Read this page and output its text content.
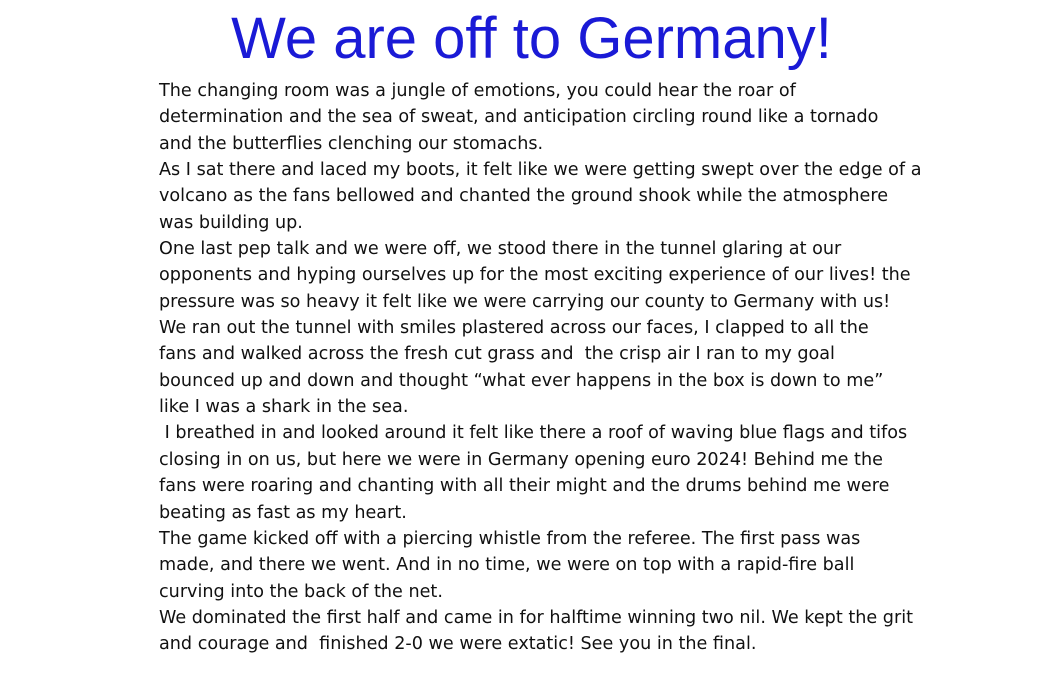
We are off to Germany!
The changing room was a jungle of emotions, you could hear the roar of
determination and the sea of sweat, and anticipation circling round like a tornado
and the butterflies clenching our stomachs.
As I sat there and laced my boots, it felt like we were getting swept over the edge of a
volcano as the fans bellowed and chanted the ground shook while the atmosphere
was building up.
One last pep talk and we were off, we stood there in the tunnel glaring at our
opponents and hyping ourselves up for the most exciting experience of our lives! the
pressure was so heavy it felt like we were carrying our county to Germany with us!
We ran out the tunnel with smiles plastered across our faces, I clapped to all the
fans and walked across the fresh cut grass and  the crisp air I ran to my goal
bounced up and down and thought “what ever happens in the box is down to me”
like I was a shark in the sea.
I breathed in and looked around it felt like there a roof of waving blue flags and tifos
closing in on us, but here we were in Germany opening euro 2024! Behind me the
fans were roaring and chanting with all their might and the drums behind me were
beating as fast as my heart.
The game kicked off with a piercing whistle from the referee. The first pass was
made, and there we went. And in no time, we were on top with a rapid-fire ball
curving into the back of the net.
We dominated the first half and came in for halftime winning two nil. We kept the grit
and courage and  finished 2-0 we were extatic! See you in the final.
